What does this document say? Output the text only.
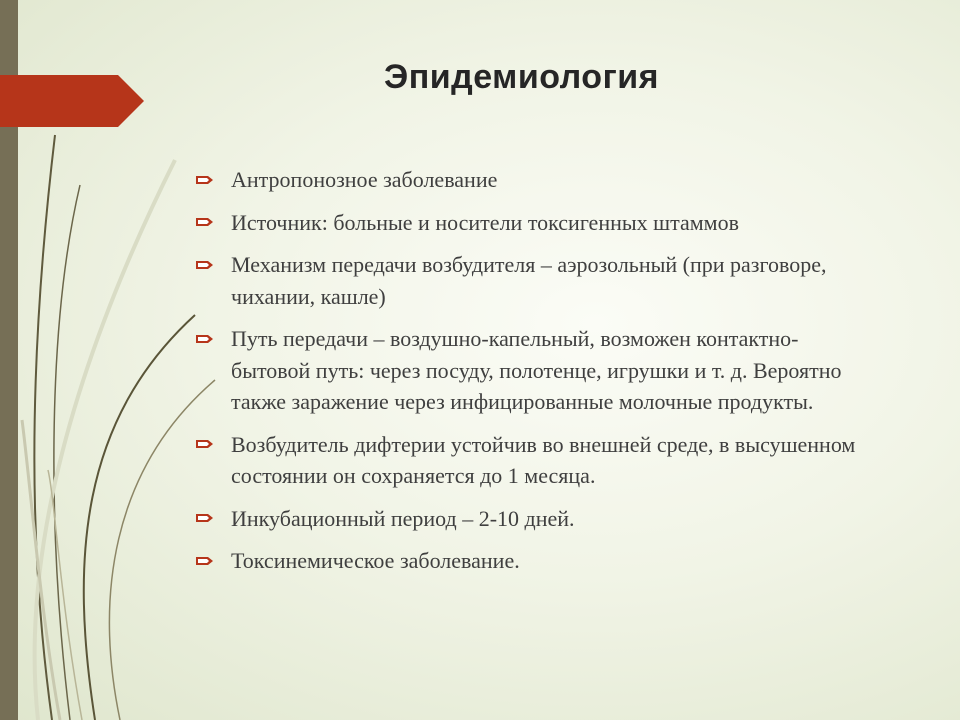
Эпидемиология
Антропонозное заболевание
Источник: больные и носители токсигенных штаммов
Механизм передачи возбудителя – аэрозольный (при разговоре, чихании, кашле)
Путь передачи – воздушно-капельный, возможен контактно-бытовой путь: через посуду, полотенце, игрушки и т. д. Вероятно также заражение через инфицированные молочные продукты.
Возбудитель дифтерии устойчив во внешней среде, в высушенном состоянии он сохраняется до 1 месяца.
Инкубационный период – 2-10 дней.
Токсинемическое заболевание.
